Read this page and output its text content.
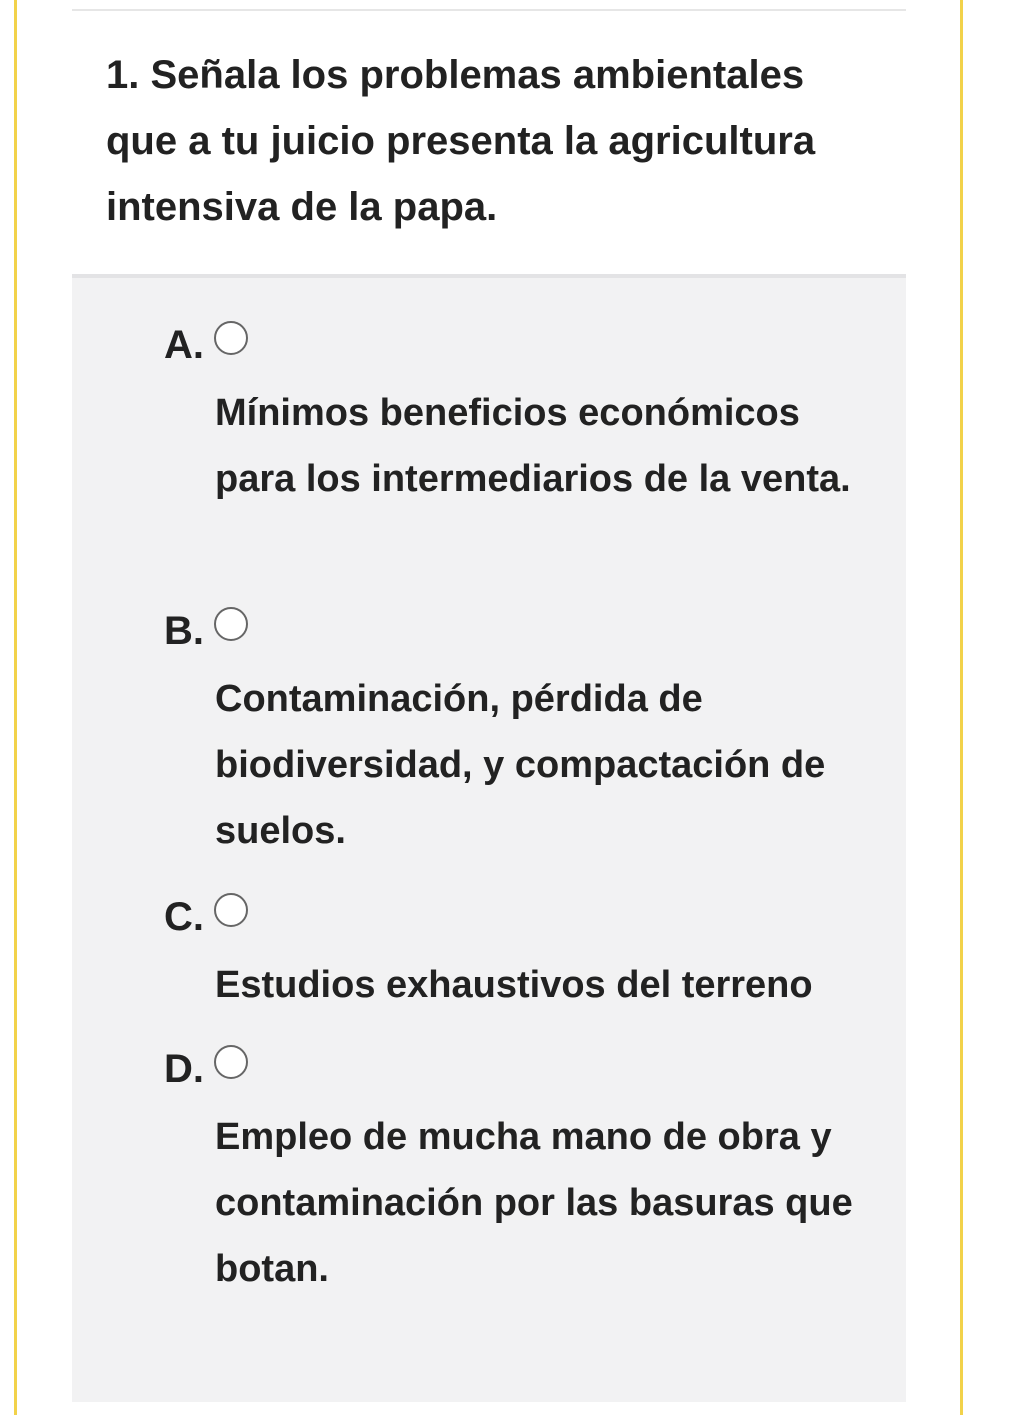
1. Señala los problemas ambientales que a tu juicio presenta la agricultura intensiva de la papa.

A.

Mínimos beneficios económicos para los intermediarios de la venta.

B.

Contaminación, pérdida de biodiversidad, y compactación de suelos.

C.

Estudios exhaustivos del terreno

D.

Empleo de mucha mano de obra y contaminación por las basuras que botan.
